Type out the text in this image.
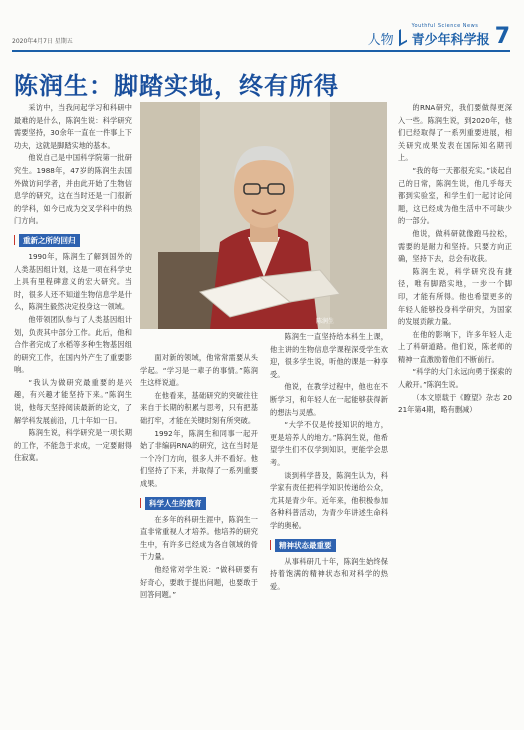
2020年4月7日 星期五	人物
Youthful Science News
青少年科学报 7
陈润生：脚踏实地，终有所得

采访中，当我问起学习和科研中最难的是什么，陈润生说：科学研究需要坚持，30余年一直在一件事上下功夫，这就是脚踏实地的基本。

他说自己是中国科学院第一批研究生。1988年，47岁的陈润生去国外做访问学者，并由此开始了生物信息学的研究，这在当时还是一门很新的学科，如今已成为交叉学科中的热门方向。

重新之所的回归

1990年，陈润生了解到国外的人类基因组计划，这是一项在科学史上具有里程碑意义的宏大研究。当时，很多人还不知道生物信息学是什么，陈润生毅然决定投身这一领域。

他带领团队参与了人类基因组计划，负责其中部分工作。此后，他和合作者完成了水稻等多种生物基因组的研究工作，在国内外产生了重要影响。

“我认为做研究最重要的是兴趣，有兴趣才能坚持下来。”陈润生说，他每天坚持阅读最新的论文，了解学科发展前沿，几十年如一日。

陈润生说，科学研究是一项长期的工作，不能急于求成，一定要耐得住寂寞。

陈润生

面对新的领域，他常常需要从头学起。“学习是一辈子的事情。”陈润生这样说道。

在他看来，基础研究的突破往往来自于长期的积累与思考，只有把基础打牢，才能在关键时刻有所突破。

1992年，陈润生和同事一起开始了非编码RNA的研究，这在当时是一个冷门方向，很多人并不看好。他们坚持了下来，并取得了一系列重要成果。

科学人生的教育

在多年的科研生涯中，陈润生一直非常重视人才培养。他培养的研究生中，有许多已经成为各自领域的骨干力量。

他经常对学生说：“做科研要有好奇心，要敢于提出问题，也要敢于回答问题。”

陈润生一直坚持给本科生上课，他主讲的生物信息学课程深受学生欢迎，很多学生说，听他的课是一种享受。

他说，在教学过程中，他也在不断学习，和年轻人在一起能够获得新的想法与灵感。

“大学不仅是传授知识的地方，更是培养人的地方。”陈润生说，他希望学生们不仅学到知识，更能学会思考。

谈到科学普及，陈润生认为，科学家有责任把科学知识传递给公众，尤其是青少年。近年来，他积极参加各种科普活动，为青少年讲述生命科学的奥秘。

精神状态最重要

从事科研几十年，陈润生始终保持着饱满的精神状态和对科学的热爱。

的RNA研究，我们要做得更深入一些。陈润生说，到2020年，他们已经取得了一系列重要进展，相关研究成果发表在国际知名期刊上。

“我的每一天都很充实。”谈起自己的日常，陈润生说，他几乎每天都到实验室，和学生们一起讨论问题，这已经成为他生活中不可缺少的一部分。

他说，做科研就像跑马拉松，需要的是耐力和坚持。只要方向正确，坚持下去，总会有收获。

陈润生说，科学研究没有捷径，唯有脚踏实地，一步一个脚印，才能有所得。他也希望更多的年轻人能够投身科学研究，为国家的发展贡献力量。

在他的影响下，许多年轻人走上了科研道路。他们说，陈老师的精神一直激励着他们不断前行。

“科学的大门永远向勇于探索的人敞开。”陈润生说。

（本文原载于《瞭望》杂志 2021年第4期，略有删减）
